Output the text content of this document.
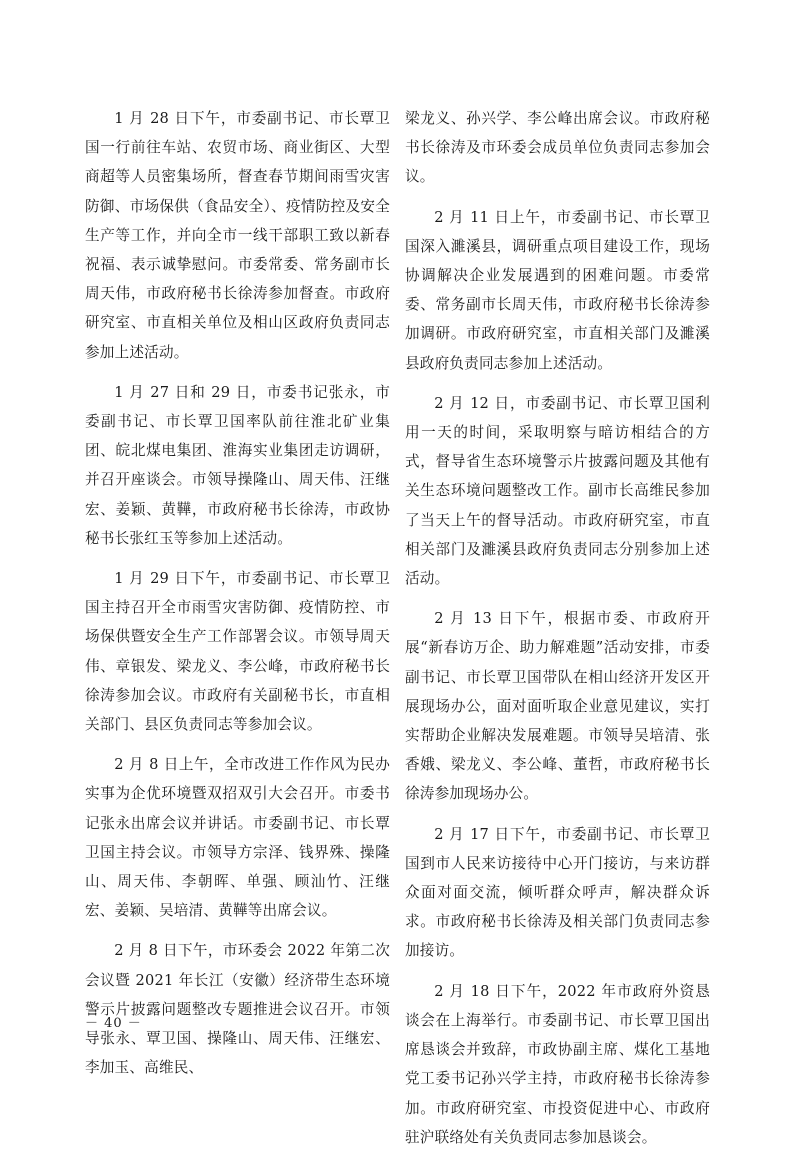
1 月 28 日下午，市委副书记、市长覃卫国一行前往车站、农贸市场、商业街区、大型商超等人员密集场所，督查春节期间雨雪灾害防御、市场保供（食品安全）、疫情防控及安全生产等工作，并向全市一线干部职工致以新春祝福、表示诚挚慰问。市委常委、常务副市长周天伟，市政府秘书长徐涛参加督查。市政府研究室、市直相关单位及相山区政府负责同志参加上述活动。

1 月 27 日和 29 日，市委书记张永，市委副书记、市长覃卫国率队前往淮北矿业集团、皖北煤电集团、淮海实业集团走访调研，并召开座谈会。市领导操隆山、周天伟、汪继宏、姜颖、黄鞾，市政府秘书长徐涛，市政协秘书长张红玉等参加上述活动。

1 月 29 日下午，市委副书记、市长覃卫国主持召开全市雨雪灾害防御、疫情防控、市场保供暨安全生产工作部署会议。市领导周天伟、章银发、梁龙义、李公峰，市政府秘书长徐涛参加会议。市政府有关副秘书长，市直相关部门、县区负责同志等参加会议。

2 月 8 日上午，全市改进工作作风为民办实事为企优环境暨双招双引大会召开。市委书记张永出席会议并讲话。市委副书记、市长覃卫国主持会议。市领导方宗泽、钱界殊、操隆山、周天伟、李朝晖、单强、顾汕竹、汪继宏、姜颖、吴培清、黄鞾等出席会议。

2 月 8 日下午，市环委会 2022 年第二次会议暨 2021 年长江（安徽）经济带生态环境警示片披露问题整改专题推进会议召开。市领导张永、覃卫国、操隆山、周天伟、汪继宏、李加玉、高维民、

梁龙义、孙兴学、李公峰出席会议。市政府秘书长徐涛及市环委会成员单位负责同志参加会议。

2 月 11 日上午，市委副书记、市长覃卫国深入濉溪县，调研重点项目建设工作，现场协调解决企业发展遇到的困难问题。市委常委、常务副市长周天伟，市政府秘书长徐涛参加调研。市政府研究室，市直相关部门及濉溪县政府负责同志参加上述活动。

2 月 12 日，市委副书记、市长覃卫国利用一天的时间，采取明察与暗访相结合的方式，督导省生态环境警示片披露问题及其他有关生态环境问题整改工作。副市长高维民参加了当天上午的督导活动。市政府研究室，市直相关部门及濉溪县政府负责同志分别参加上述活动。

2 月 13 日下午，根据市委、市政府开展“新春访万企、助力解难题”活动安排，市委副书记、市长覃卫国带队在相山经济开发区开展现场办公，面对面听取企业意见建议，实打实帮助企业解决发展难题。市领导吴培清、张香娥、梁龙义、李公峰、董哲，市政府秘书长徐涛参加现场办公。

2 月 17 日下午，市委副书记、市长覃卫国到市人民来访接待中心开门接访，与来访群众面对面交流，倾听群众呼声，解决群众诉求。市政府秘书长徐涛及相关部门负责同志参加接访。

2 月 18 日下午，2022 年市政府外资恳谈会在上海举行。市委副书记、市长覃卫国出席恳谈会并致辞，市政协副主席、煤化工基地党工委书记孙兴学主持，市政府秘书长徐涛参加。市政府研究室、市投资促进中心、市政府驻沪联络处有关负责同志参加恳谈会。

－ 40 －
